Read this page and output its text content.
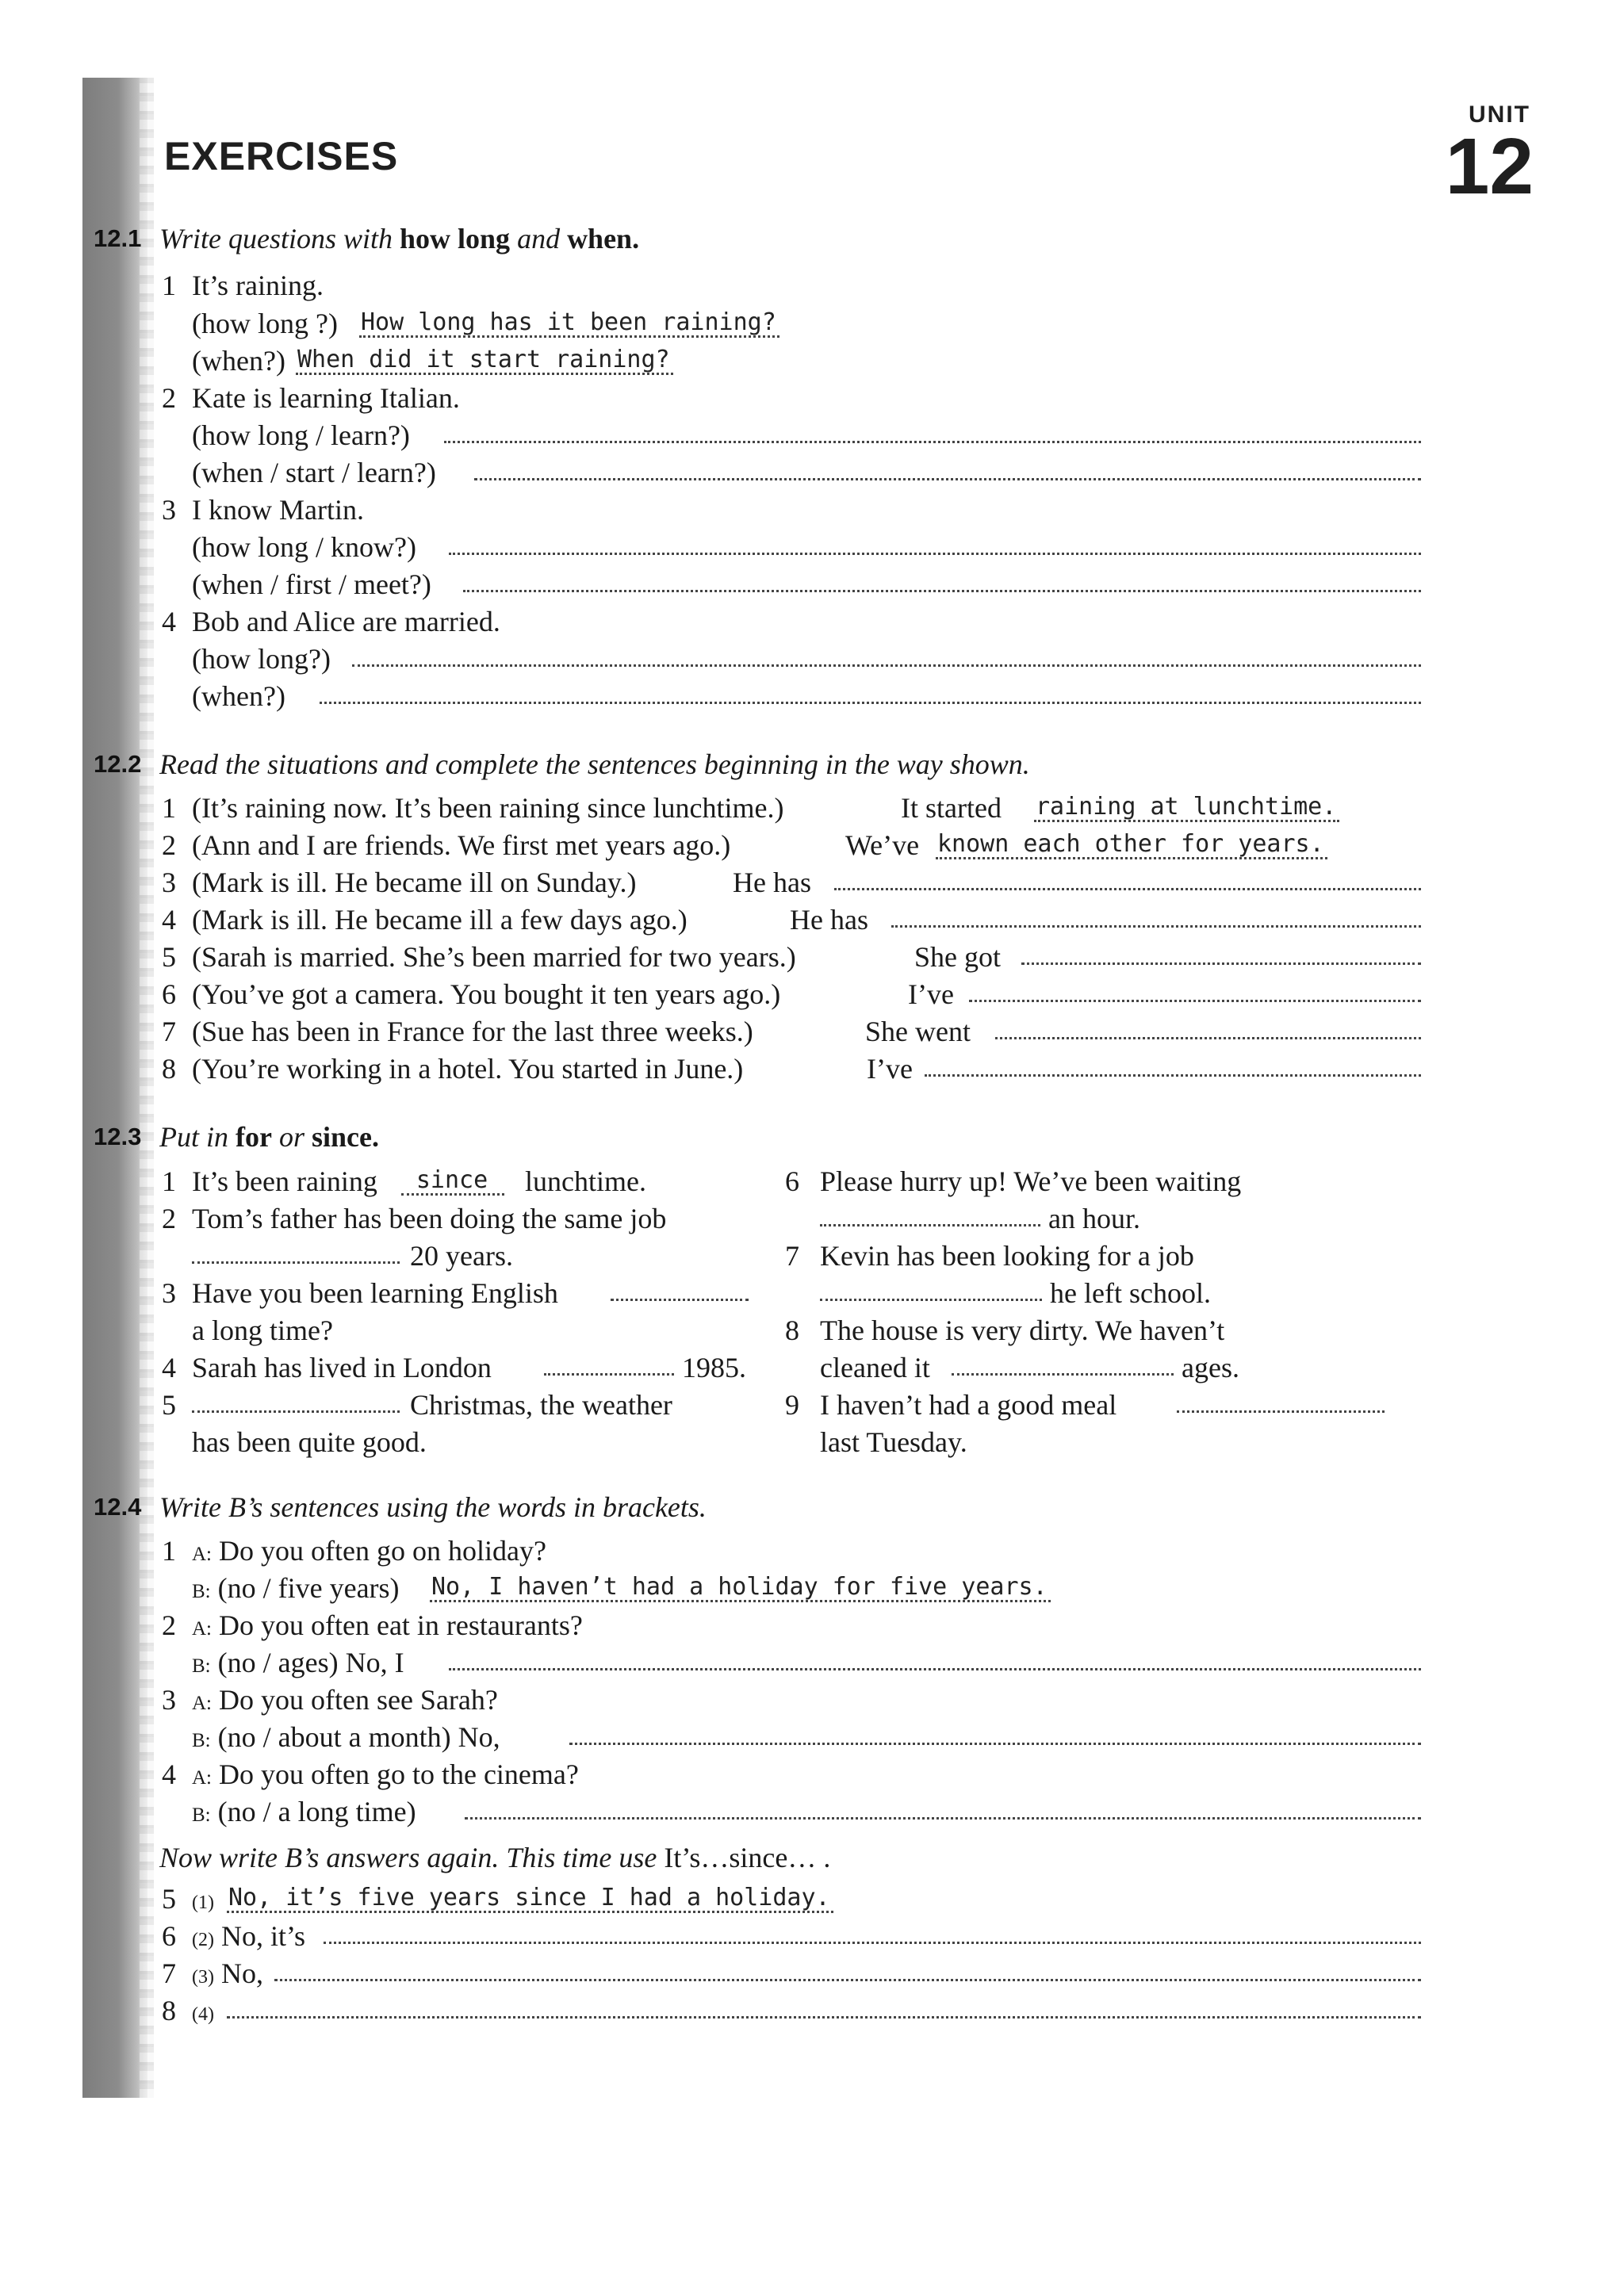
EXERCISES
UNIT
12
12.1 Write questions with how long and when.
1 It’s raining.
(how long ?) How long has it been raining?
(when?) When did it start raining?
2 Kate is learning Italian.
(how long / learn?)
(when / start / learn?)
3 I know Martin.
(how long / know?)
(when / first / meet?)
4 Bob and Alice are married.
(how long?)
(when?)
12.2 Read the situations and complete the sentences beginning in the way shown.
1 (It’s raining now. It’s been raining since lunchtime.)	It started raining at lunchtime.
2 (Ann and I are friends. We first met years ago.)	We’ve known each other for years.
3 (Mark is ill. He became ill on Sunday.)	He has
4 (Mark is ill. He became ill a few days ago.)	He has
5 (Sarah is married. She’s been married for two years.)	She got
6 (You’ve got a camera. You bought it ten years ago.)	I’ve
7 (Sue has been in France for the last three weeks.)	She went
8 (You’re working in a hotel. You started in June.)	I’ve
12.3 Put in for or since.
1 It’s been raining	since	lunchtime.
2 Tom’s father has been doing the same job
20 years.
3 Have you been learning English
a long time?
4 Sarah has lived in London	1985.
5	Christmas, the weather
has been quite good.
6 Please hurry up! We’ve been waiting
an hour.
7 Kevin has been looking for a job
he left school.
8 The house is very dirty. We haven’t
cleaned it	ages.
9 I haven’t had a good meal
last Tuesday.
12.4 Write B’s sentences using the words in brackets.
1 A: Do you often go on holiday?
B: (no / five years) No, I haven’t had a holiday for five years.
2 A: Do you often eat in restaurants?
B: (no / ages) No, I
3 A: Do you often see Sarah?
B: (no / about a month) No,
4 A: Do you often go to the cinema?
B: (no / a long time)
Now write B’s answers again. This time use It’s…since… .
5 (1) No, it’s five years since I had a holiday.
6 (2) No, it’s
7 (3) No,
8 (4)
